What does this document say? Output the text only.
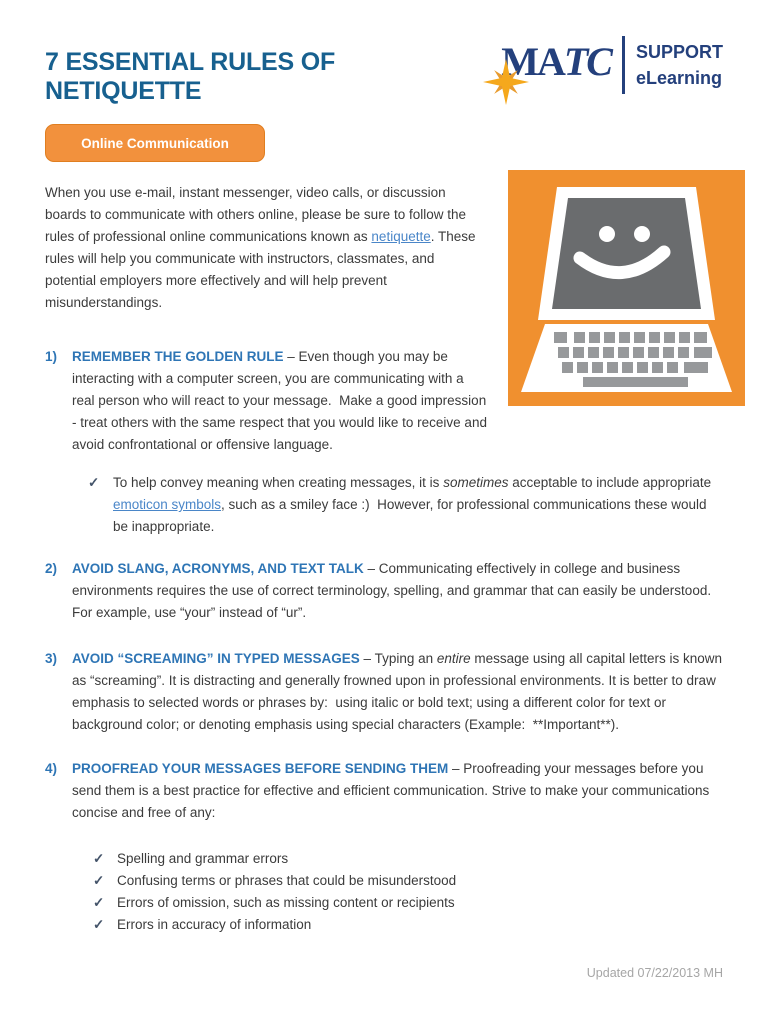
7 ESSENTIAL RULES OF NETIQUETTE
MATC SUPPORT
eLearning
Online Communication

When you use e-mail, instant messenger, video calls, or discussion boards to communicate with others online, please be sure to follow the rules of professional online communications known as netiquette. These rules will help you communicate with instructors, classmates, and potential employers more effectively and will help prevent misunderstandings.

1) REMEMBER THE GOLDEN RULE – Even though you may be interacting with a computer screen, you are communicating with a real person who will react to your message.  Make a good impression - treat others with the same respect that you would like to receive and avoid confrontational or offensive language.
✓ To help convey meaning when creating messages, it is sometimes acceptable to include appropriate emoticon symbols, such as a smiley face :)  However, for professional communications these would be inappropriate.
2) AVOID SLANG, ACRONYMS, AND TEXT TALK – Communicating effectively in college and business environments requires the use of correct terminology, spelling, and grammar that can easily be understood. For example, use “your” instead of “ur”.
3) AVOID “SCREAMING” IN TYPED MESSAGES – Typing an entire message using all capital letters is known as “screaming”. It is distracting and generally frowned upon in professional environments. It is better to draw emphasis to selected words or phrases by:  using italic or bold text; using a different color for text or background color; or denoting emphasis using special characters (Example:  **Important**).
4) PROOFREAD YOUR MESSAGES BEFORE SENDING THEM – Proofreading your messages before you send them is a best practice for effective and efficient communication. Strive to make your communications concise and free of any:
✓ Spelling and grammar errors
✓ Confusing terms or phrases that could be misunderstood
✓ Errors of omission, such as missing content or recipients
✓ Errors in accuracy of information
Updated 07/22/2013 MH
